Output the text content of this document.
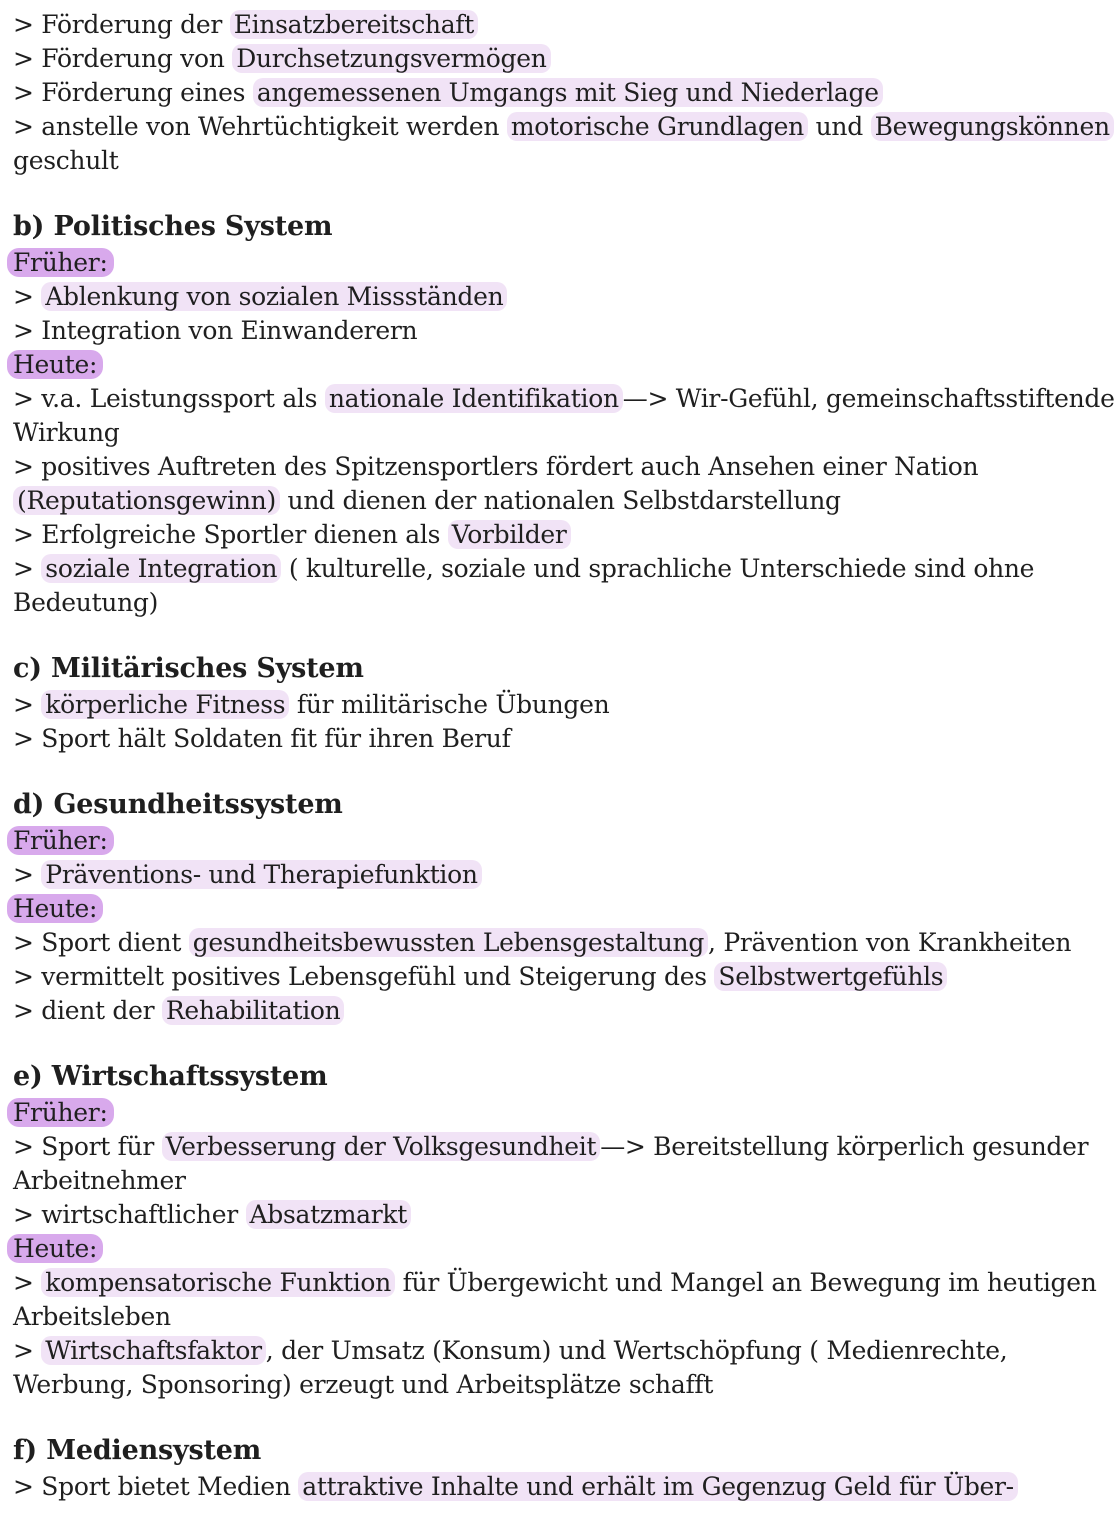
> Förderung der Einsatzbereitschaft
> Förderung von Durchsetzungsvermögen
> Förderung eines angemessenen Umgangs mit Sieg und Niederlage
> anstelle von Wehrtüchtigkeit werden motorische Grundlagen und Bewegungskönnen
geschult
b) Politisches System
Früher:
> Ablenkung von sozialen Missständen
> Integration von Einwanderern
Heute:
> v.a. Leistungssport als nationale Identifikation —> Wir-Gefühl, gemeinschaftsstiftende
Wirkung
> positives Auftreten des Spitzensportlers fördert auch Ansehen einer Nation
(Reputationsgewinn) und dienen der nationalen Selbstdarstellung
> Erfolgreiche Sportler dienen als Vorbilder
> soziale Integration ( kulturelle, soziale und sprachliche Unterschiede sind ohne
Bedeutung)
c) Militärisches System
> körperliche Fitness für militärische Übungen
> Sport hält Soldaten fit für ihren Beruf
d) Gesundheitssystem
Früher:
> Präventions- und Therapiefunktion
Heute:
> Sport dient gesundheitsbewussten Lebensgestaltung , Prävention von Krankheiten
> vermittelt positives Lebensgefühl und Steigerung des Selbstwertgefühls
> dient der Rehabilitation
e) Wirtschaftssystem
Früher:
> Sport für Verbesserung der Volksgesundheit —> Bereitstellung körperlich gesunder
Arbeitnehmer
> wirtschaftlicher Absatzmarkt
Heute:
> kompensatorische Funktion für Übergewicht und Mangel an Bewegung im heutigen
Arbeitsleben
> Wirtschaftsfaktor , der Umsatz (Konsum) und Wertschöpfung ( Medienrechte,
Werbung, Sponsoring) erzeugt und Arbeitsplätze schafft
f) Mediensystem
> Sport bietet Medien attraktive Inhalte und erhält im Gegenzug Geld für Über-
